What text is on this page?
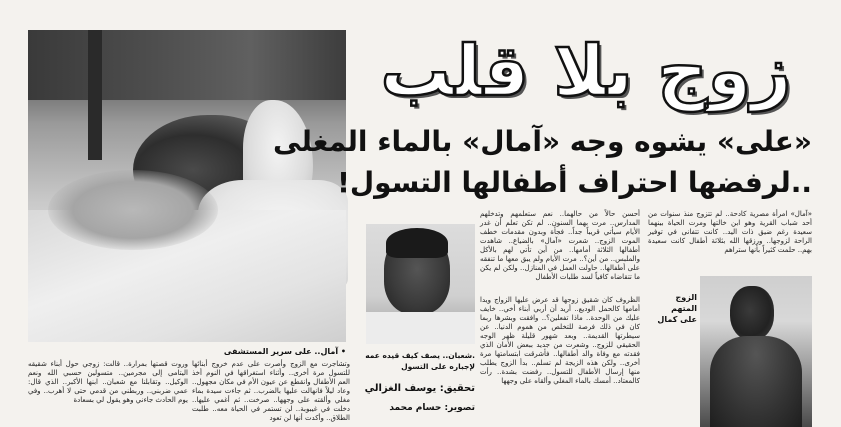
• آمال.. على سرير المستشفى
زوج بلا قلب
«على» يشوه وجه «آمال» بالماء المغلى
..لرفضها احتراف أطفالها التسول!
«آمال» امرأة مصرية كادحة.. لم تتزوج منذ سنوات من أحد شباب القرية وهو ابن خالتها ومرت الحياة بينهما سعيدة رغم ضيق ذات اليد.. كانت تتفانى في توفير الراحة لزوجها.. ورزقها الله بثلاثة أطفال كانت سعيدة بهم.. حلمت كثيراً بأنها ستراهم
الزوج المتهم على كمال
أحسن حالاً من حالهما.. نعم ستعلمهم وتدخلهم المدارس.. مرت بهما السنون.. لم تكن تعلم أن غدر الأيام سيأتي قريباً جداً.. فجأة وبدون مقدمات خطف الموت الزوج.. شعرت «آمال» بالضياع.. شاهدت أطفالها الثلاثة أمامها.. من أين تأتي لهم بالأكل والملبس.. من أين؟.. مرت الأيام ولم يبق معها ما تنفقه على أطفالها.. حاولت العمل في المنازل.. ولكن لم يكن ما تتقاضاه كافياً لسد طلبات الأطفال
الظروف كان شقيق زوجها قد عرض عليها الزواج ويدا أمامها كالحمل الوديع.. أريد أن أربي أبناء أخي.. خايف عليك من الوحدة.. ماذا تفعلين؟.. وافقت وبشرها ربما كان في ذلك فرصة للتخلص من هموم الدنيا.. عن سيطرتها القديمة.. وبعد شهور قليلة ظهر الوجه الحقيقي للزوج.. وشعرت من جديد ببعض الأمان الذي فقدته مع وفاة والد أطفالها.. فأشرقت ابتسامتها مرة أخرى.. ولكن هذه الزيجة لم تسلم.. بدأ الزوج يطلب منها إرسال الأطفال للتسول.. رفضت بشدة.. رأت كالمعتاد.. أمسك بالماء المغلي وألقاه على وجهها
.شعبان.. يصف كيف قيده عمه لإجباره على التسول
تحقيق: يوسف الغزالي
تصوير: حسام محمد
وروت قصتها بمرارة.. قالت: زوجي حول أبناء شقيقه اليتامى إلى مجرمين.. متسولين حسبي الله ونعم الوكيل.. وتقابلنا مع شعبان.. ابنها الأكبر.. الذي قال: عمي ضربني.. وربطني من قدمي حتى لا أهرب.. وفي يوم الحادث جاءني وهو يقول لي بسعادة
وتشاجرت مع الزوج وأصرت على عدم خروج أبنائها للتسول مرة أخرى.. وأثناء استغراقها في النوم أخذ العم الأطفال وانقطع عن عيون الأم في مكان مجهول.. وعاد ليلاً فانهالت عليها بالضرب.. ثم جاءت سيدة بماء مغلي وألقته على وجهها.. صرخت.. ثم أغمي عليها.. دخلت في غيبوبة.. لن تستمر في الحياة معه.. طلبت الطلاق.. وأكدت أنها لن تعود
